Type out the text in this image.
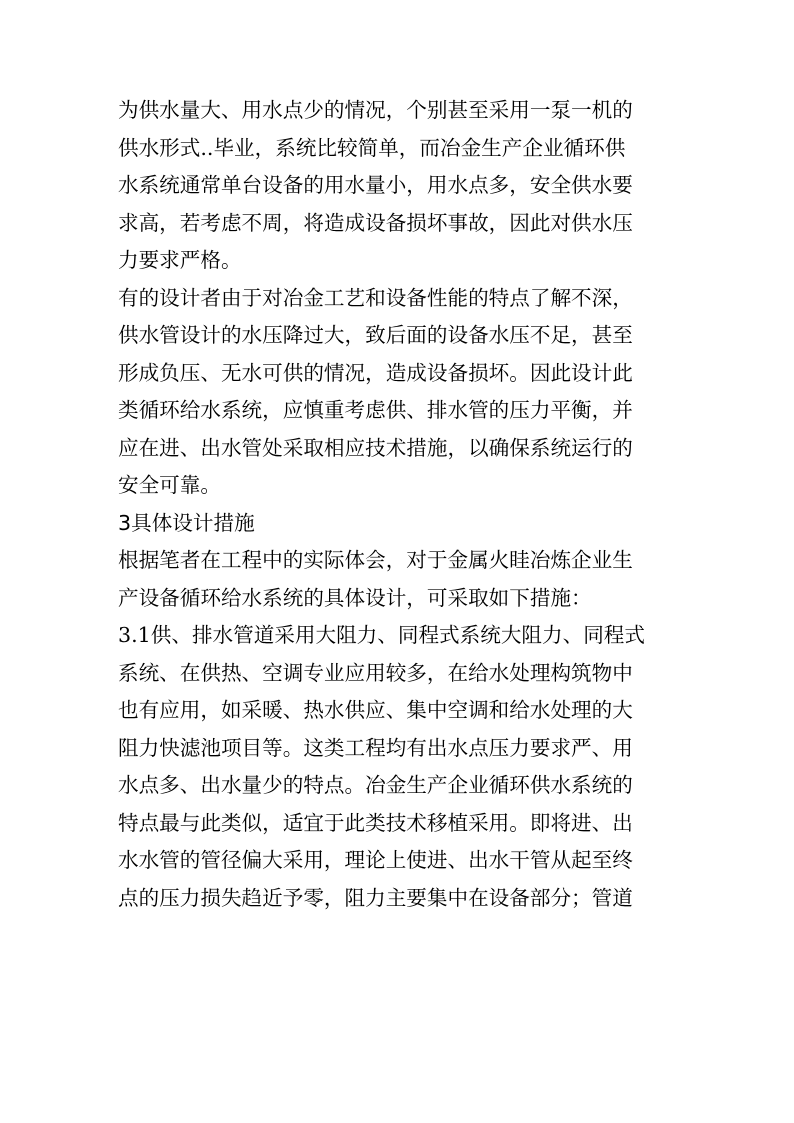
为供水量大、用水点少的情况，个别甚至采用一泵一机的
供水形式..毕业，系统比较简单，而冶金生产企业循环供
水系统通常单台设备的用水量小，用水点多，安全供水要
求高，若考虑不周，将造成设备损坏事故，因此对供水压
力要求严格。
有的设计者由于对冶金工艺和设备性能的特点了解不深，
供水管设计的水压降过大，致后面的设备水压不足，甚至
形成负压、无水可供的情况，造成设备损坏。因此设计此
类循环给水系统，应慎重考虑供、排水管的压力平衡，并
应在进、出水管处采取相应技术措施，以确保系统运行的
安全可靠。
3具体设计措施
根据笔者在工程中的实际体会，对于金属火眭冶炼企业生
产设备循环给水系统的具体设计，可采取如下措施：
3.1供、排水管道采用大阻力、同程式系统大阻力、同程式
系统、在供热、空调专业应用较多，在给水处理构筑物中
也有应用，如采暖、热水供应、集中空调和给水处理的大
阻力快滤池项目等。这类工程均有出水点压力要求严、用
水点多、出水量少的特点。冶金生产企业循环供水系统的
特点最与此类似，适宜于此类技术移植采用。即将进、出
水水管的管径偏大采用，理论上使进、出水干管从起至终
点的压力损失趋近予零，阻力主要集中在设备部分；管道
